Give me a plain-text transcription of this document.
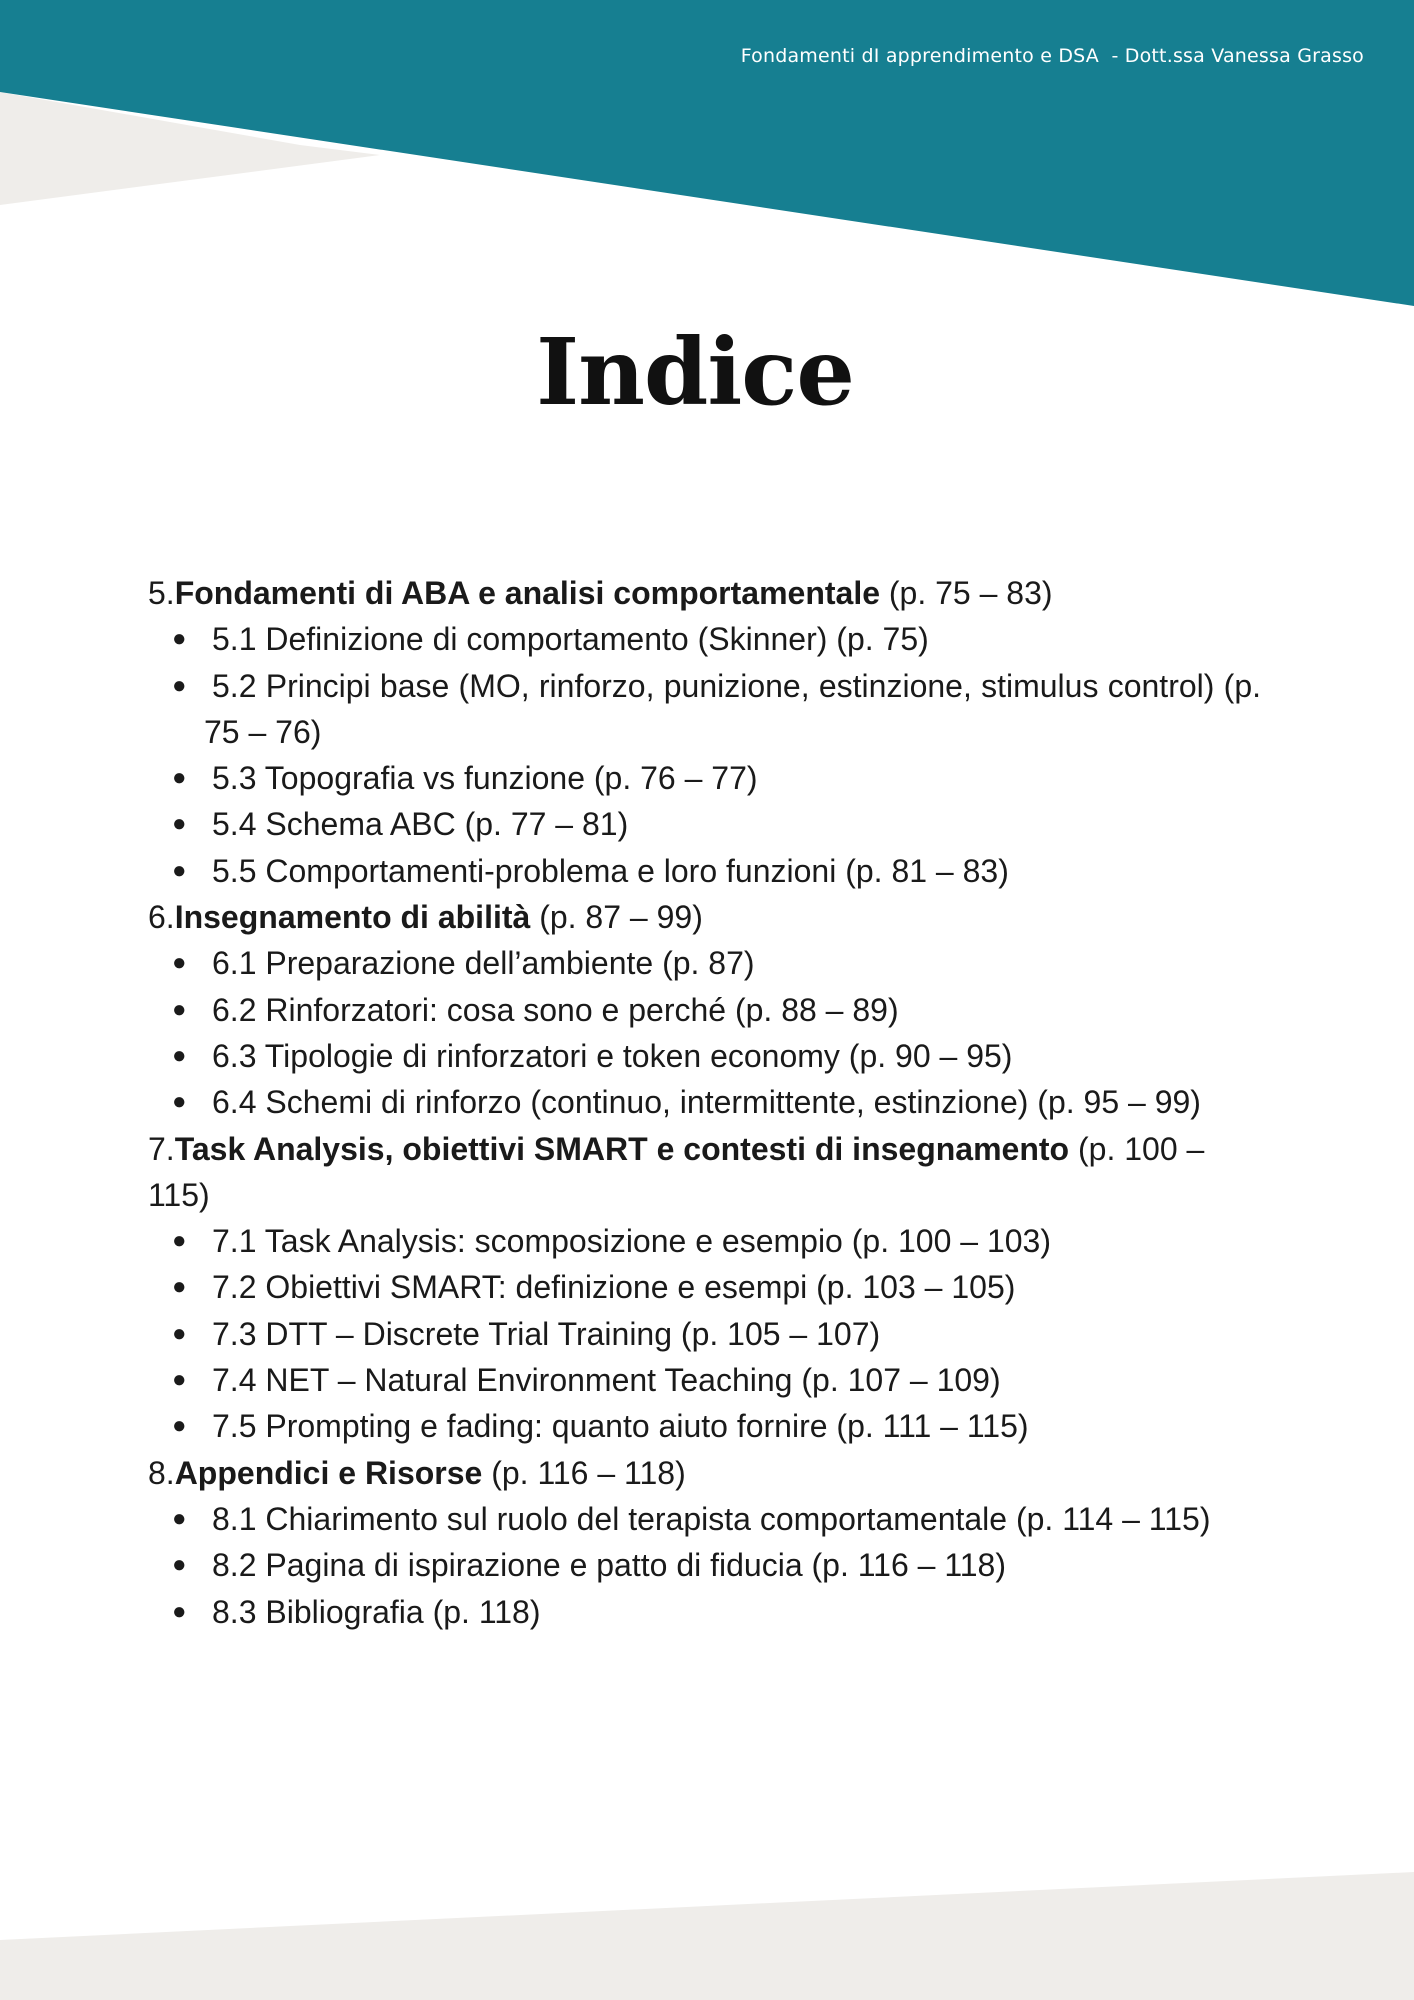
Fondamenti dI apprendimento e DSA  - Dott.ssa Vanessa Grasso
Indice

5.Fondamenti di ABA e analisi comportamentale (p. 75 – 83)

● 5.1 Definizione di comportamento (Skinner) (p. 75)
● 5.2 Principi base (MO, rinforzo, punizione, estinzione, stimulus control) (p. 75 – 76)
● 5.3 Topografia vs funzione (p. 76 – 77)
● 5.4 Schema ABC (p. 77 – 81)
● 5.5 Comportamenti-problema e loro funzioni (p. 81 – 83)

6.Insegnamento di abilità (p. 87 – 99)

● 6.1 Preparazione dell’ambiente (p. 87)
● 6.2 Rinforzatori: cosa sono e perché (p. 88 – 89)
● 6.3 Tipologie di rinforzatori e token economy (p. 90 – 95)
● 6.4 Schemi di rinforzo (continuo, intermittente, estinzione) (p. 95 – 99)

7.Task Analysis, obiettivi SMART e contesti di insegnamento (p. 100 – 115)

● 7.1 Task Analysis: scomposizione e esempio (p. 100 – 103)
● 7.2 Obiettivi SMART: definizione e esempi (p. 103 – 105)
● 7.3 DTT – Discrete Trial Training (p. 105 – 107)
● 7.4 NET – Natural Environment Teaching (p. 107 – 109)
● 7.5 Prompting e fading: quanto aiuto fornire (p. 111 – 115)

8.Appendici e Risorse (p. 116 – 118)

● 8.1 Chiarimento sul ruolo del terapista comportamentale (p. 114 – 115)
● 8.2 Pagina di ispirazione e patto di fiducia (p. 116 – 118)
● 8.3 Bibliografia (p. 118)
